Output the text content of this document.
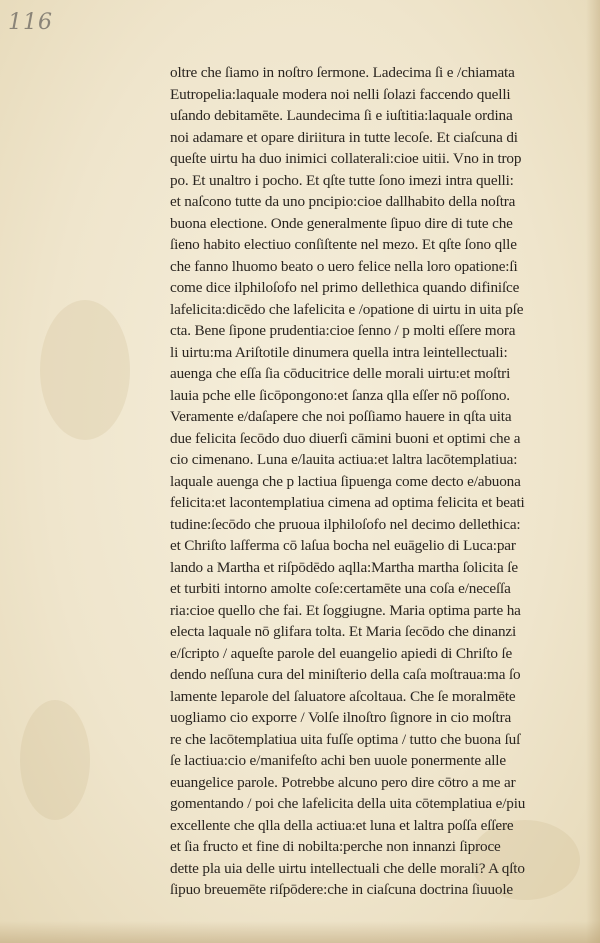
116
oltre che ſiamo in noſtro ſermone. Ladecima ſi e /chiamata
Eutropelia:laquale modera noi nelli ſolazi faccendo quelli
uſando debitamēte. Laundecima ſi e iuſtitia:laquale ordina
noi adamare et opare diriitura in tutte lecoſe. Et ciaſcuna di
queſte uirtu ha duo inimici collaterali:cioe uitii. Vno in trop
po. Et unaltro i pocho. Et qſte tutte ſono imezi intra quelli:
et naſcono tutte da uno pncipio:cioe dallhabito della noſtra
buona electione. Onde generalmente ſipuo dire di tute che
ſieno habito electiuo conſiſtente nel mezo. Et qſte ſono qlle
che fanno lhuomo beato o uero felice nella loro opatione:ſi
come dice ilphiloſofo nel primo dellethica quando difiniſce
lafelicita:dicēdo che lafelicita e /opatione di uirtu in uita pſe
cta. Bene ſipone prudentia:cioe ſenno / p molti eſſere mora
li uirtu:ma Ariſtotile dinumera quella intra leintellectuali:
auenga che eſſa ſia cōducitrice delle morali uirtu:et moſtri
lauia pche elle ſicōpongono:et ſanza qlla eſſer nō poſſono.
Veramente e/daſapere che noi poſſiamo hauere in qſta uita
due felicita ſecōdo duo diuerſi cāmini buoni et optimi che a
cio cimenano. Luna e/lauita actiua:et laltra lacōtemplatiua:
laquale auenga che p lactiua ſipuenga come decto e/abuona
felicita:et lacontemplatiua cimena ad optima felicita et beati
tudine:ſecōdo che pruoua ilphiloſofo nel decimo dellethica:
et Chriſto laſferma cō laſua bocha nel euāgelio di Luca:par
lando a Martha et riſpōdēdo aqlla:Martha martha ſolicita ſe
et turbiti intorno amolte coſe:certamēte una coſa e/neceſſa
ria:cioe quello che fai. Et ſoggiugne. Maria optima parte ha
electa laquale nō glifara tolta. Et Maria ſecōdo che dinanzi
e/ſcripto / aqueſte parole del euangelio apiedi di Chriſto ſe
dendo neſſuna cura del miniſterio della caſa moſtraua:ma ſo
lamente leparole del ſaluatore aſcoltaua. Che ſe moralmēte
uogliamo cio exporre / Volſe ilnoſtro ſignore in cio moſtra
re che lacōtemplatiua uita fuſſe optima / tutto che buona ſuſ
ſe lactiua:cio e/manifeſto achi ben uuole ponermente alle
euangelice parole. Potrebbe alcuno pero dire cōtro a me ar
gomentando / poi che lafelicita della uita cōtemplatiua e/piu
excellente che qlla della actiua:et luna et laltra poſſa eſſere
et ſia fructo et fine di nobilta:perche non innanzi ſiproce
dette pla uia delle uirtu intellectuali che delle morali? A qſto
ſipuo breuemēte riſpōdere:che in ciaſcuna doctrina ſiuuole
